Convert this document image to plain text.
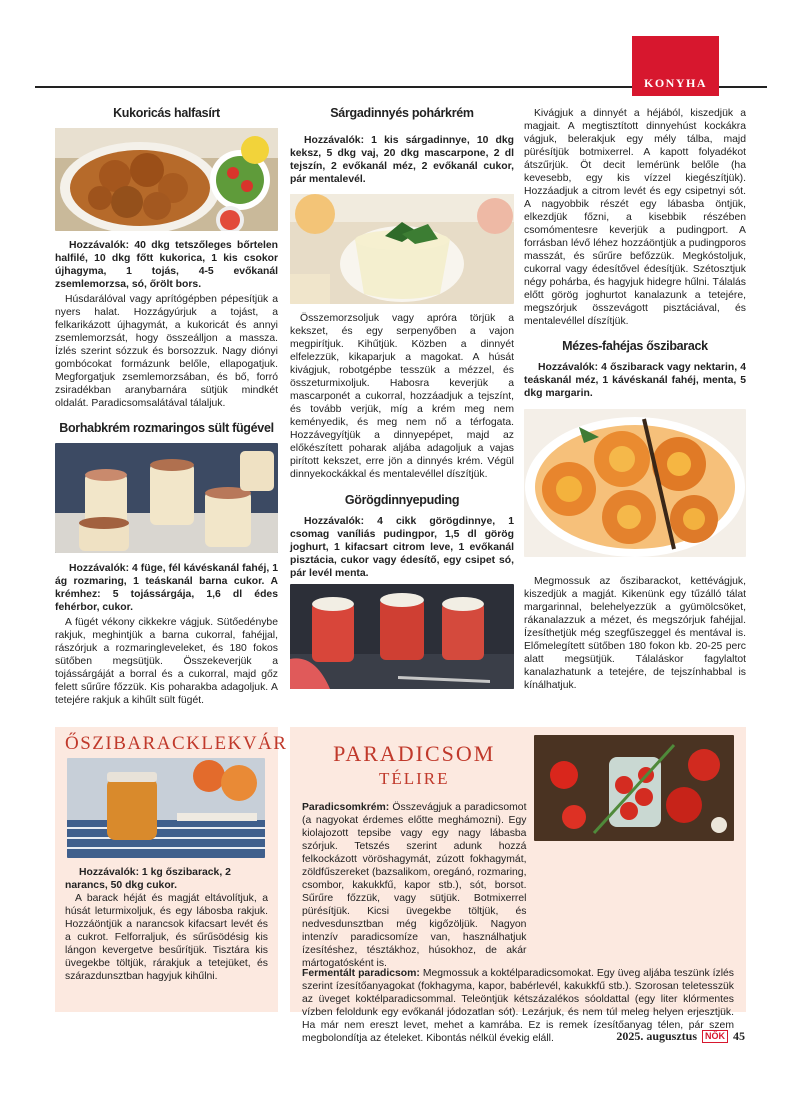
KONYHA
Kukoricás halfasírt

Hozzávalók: 40 dkg tetszőleges bőrtelen halfilé, 10 dkg főtt kukorica, 1 kis csokor újhagyma, 1 tojás, 4-5 evőkanál zsemlemorzsa, só, őrölt bors.

Húsdarálóval vagy aprítógépben pépesítjük a nyers halat. Hozzágyúrjuk a tojást, a felkarikázott újhagymát, a kukoricát és annyi zsemlemorzsát, hogy összeálljon a massza. Ízlés szerint sózzuk és borsozzuk. Nagy diónyi gombócokat formázunk belőle, ellapogatjuk. Megforgatjuk zsemlemorzsában, és bő, forró zsiradékban aranybarnára sütjük mindkét oldalát. Paradicsomsalátával tálaljuk.

Borhabkrém rozmaringos sült fügével

Hozzávalók: 4 füge, fél kávéskanál fahéj, 1 ág rozmaring, 1 teáskanál barna cukor. A krémhez: 5 tojássárgája, 1,6 dl édes fehérbor, cukor.

A fügét vékony cikkekre vágjuk. Sütőedénybe rakjuk, meghintjük a barna cukorral, fahéjjal, rászórjuk a rozmaringleveleket, és 180 fokos sütőben megsütjük. Összekeverjük a tojássárgáját a borral és a cukorral, majd gőz felett sűrűre főzzük. Kis poharakba adagoljuk. A tetejére rakjuk a kihűlt sült fügét.

Sárgadinnyés pohárkrém

Hozzávalók: 1 kis sárgadinnye, 10 dkg keksz, 5 dkg vaj, 20 dkg mascarpone, 2 dl tejszín, 2 evőkanál méz, 2 evőkanál cukor, pár mentalevél.

Összemorzsoljuk vagy apróra törjük a kekszet, és egy serpenyőben a vajon megpirítjuk. Kihűtjük. Közben a dinnyét elfelezzük, kikaparjuk a magokat. A húsát kivágjuk, robotgépbe tesszük a mézzel, és összeturmixoljuk. Habosra keverjük a mascarponét a cukorral, hozzáadjuk a tejszínt, és tovább verjük, míg a krém meg nem keményedik, és meg nem nő a térfogata. Hozzávegyítjük a dinnyepépet, majd az előkészített poharak aljába adagoljuk a vajas pirított kekszet, erre jön a dinnyés krém. Végül dinnyekockákkal és mentalevéllel díszítjük.

Görögdinnyepuding

Hozzávalók: 4 cikk görögdinnye, 1 csomag vaníliás pudingpor, 1,5 dl görög joghurt, 1 kifacsart citrom leve, 1 evőkanál pisztácia, cukor vagy édesítő, egy csipet só, pár levél menta.

Kivágjuk a dinnyét a héjából, kiszedjük a magjait. A megtisztított dinnyehúst kockákra vágjuk, belerakjuk egy mély tálba, majd pürésítjük botmixerrel. A kapott folyadékot átszűrjük. Öt decit lemérünk belőle (ha kevesebb, egy kis vízzel kiegészítjük). Hozzáadjuk a citrom levét és egy csipetnyi sót. A nagyobbik részét egy lábasba öntjük, elkezdjük főzni, a kisebbik részében csomómentesre keverjük a pudingport. A forrásban lévő léhez hozzáöntjük a pudingporos masszát, és sűrűre befőzzük. Megkóstoljuk, cukorral vagy édesítővel édesítjük. Szétosztjuk négy pohárba, és hagyjuk hidegre hűlni. Tálalás előtt görög joghurtot kanalazunk a tetejére, megszórjuk összevágott pisztáciával, és mentalevéllel díszítjük.

Mézes-fahéjas őszibarack

Hozzávalók: 4 őszibarack vagy nektarin, 4 teáskanál méz, 1 kávéskanál fahéj, menta, 5 dkg margarin.

Megmossuk az őszibarackot, kettévágjuk, kiszedjük a magját. Kikenünk egy tűzálló tálat margarinnal, belehelyezzük a gyümölcsöket, rákanalazzuk a mézet, és megszórjuk fahéjjal. Ízesíthetjük még szegfűszeggel és mentával is. Előmelegített sütőben 180 fokon kb. 20-25 perc alatt megsütjük. Tálaláskor fagylaltot kanalazhatunk a tetejére, de tejszínhabbal is kínálhatjuk.

ŐSZIBARACKLEKVÁR

Hozzávalók: 1 kg őszibarack, 2 narancs, 50 dkg cukor.

A barack héját és magját eltávolítjuk, a húsát leturmixoljuk, és egy lábosba rakjuk. Hozzáöntjük a narancsok kifacsart levét és a cukrot. Felforraljuk, és sűrűsödésig kis lángon kevergetve besűrítjük. Tisztára kis üvegekbe töltjük, rárakjuk a tetejüket, és szárazdunsztban hagyjuk kihűlni.

PARADICSOM
TÉLIRE

Paradicsomkrém: Összevágjuk a paradicsomot (a nagyokat érdemes előtte meghámozni). Egy kiolajozott tepsibe vagy egy nagy lábasba szórjuk. Tetszés szerint adunk hozzá felkockázott vöröshagymát, zúzott fokhagymát, zöldfűszereket (bazsalikom, oregánó, rozmaring, csombor, kakukkfű, kapor stb.), sót, borsot. Sűrűre főzzük, vagy sütjük. Botmixerrel pürésítjük. Kicsi üvegekbe töltjük, és nedvesdunsztban még kigőzöljük. Nagyon intenzív paradicsomíze van, használhatjuk ízesítéshez, tésztákhoz, húsokhoz, de akár mártogatósként is.

Fermentált paradicsom: Megmossuk a koktélparadicsomokat. Egy üveg aljába teszünk ízlés szerint ízesítőanyagokat (fokhagyma, kapor, babérlevél, kakukkfű stb.). Szorosan teletesszük az üveget koktélparadicsommal. Teleöntjük kétszázalékos sóoldattal (egy liter klórmentes vízben feloldunk egy evőkanál jódozatlan sót). Lezárjuk, és nem túl meleg helyen erjesztjük. Ha már nem ereszt levet, mehet a kamrába. Ez is remek ízesítőanyag télen, pár szem megbolondítja az ételeket. Kibontás nélkül évekig eláll.	2025. augusztus NŐK 45
